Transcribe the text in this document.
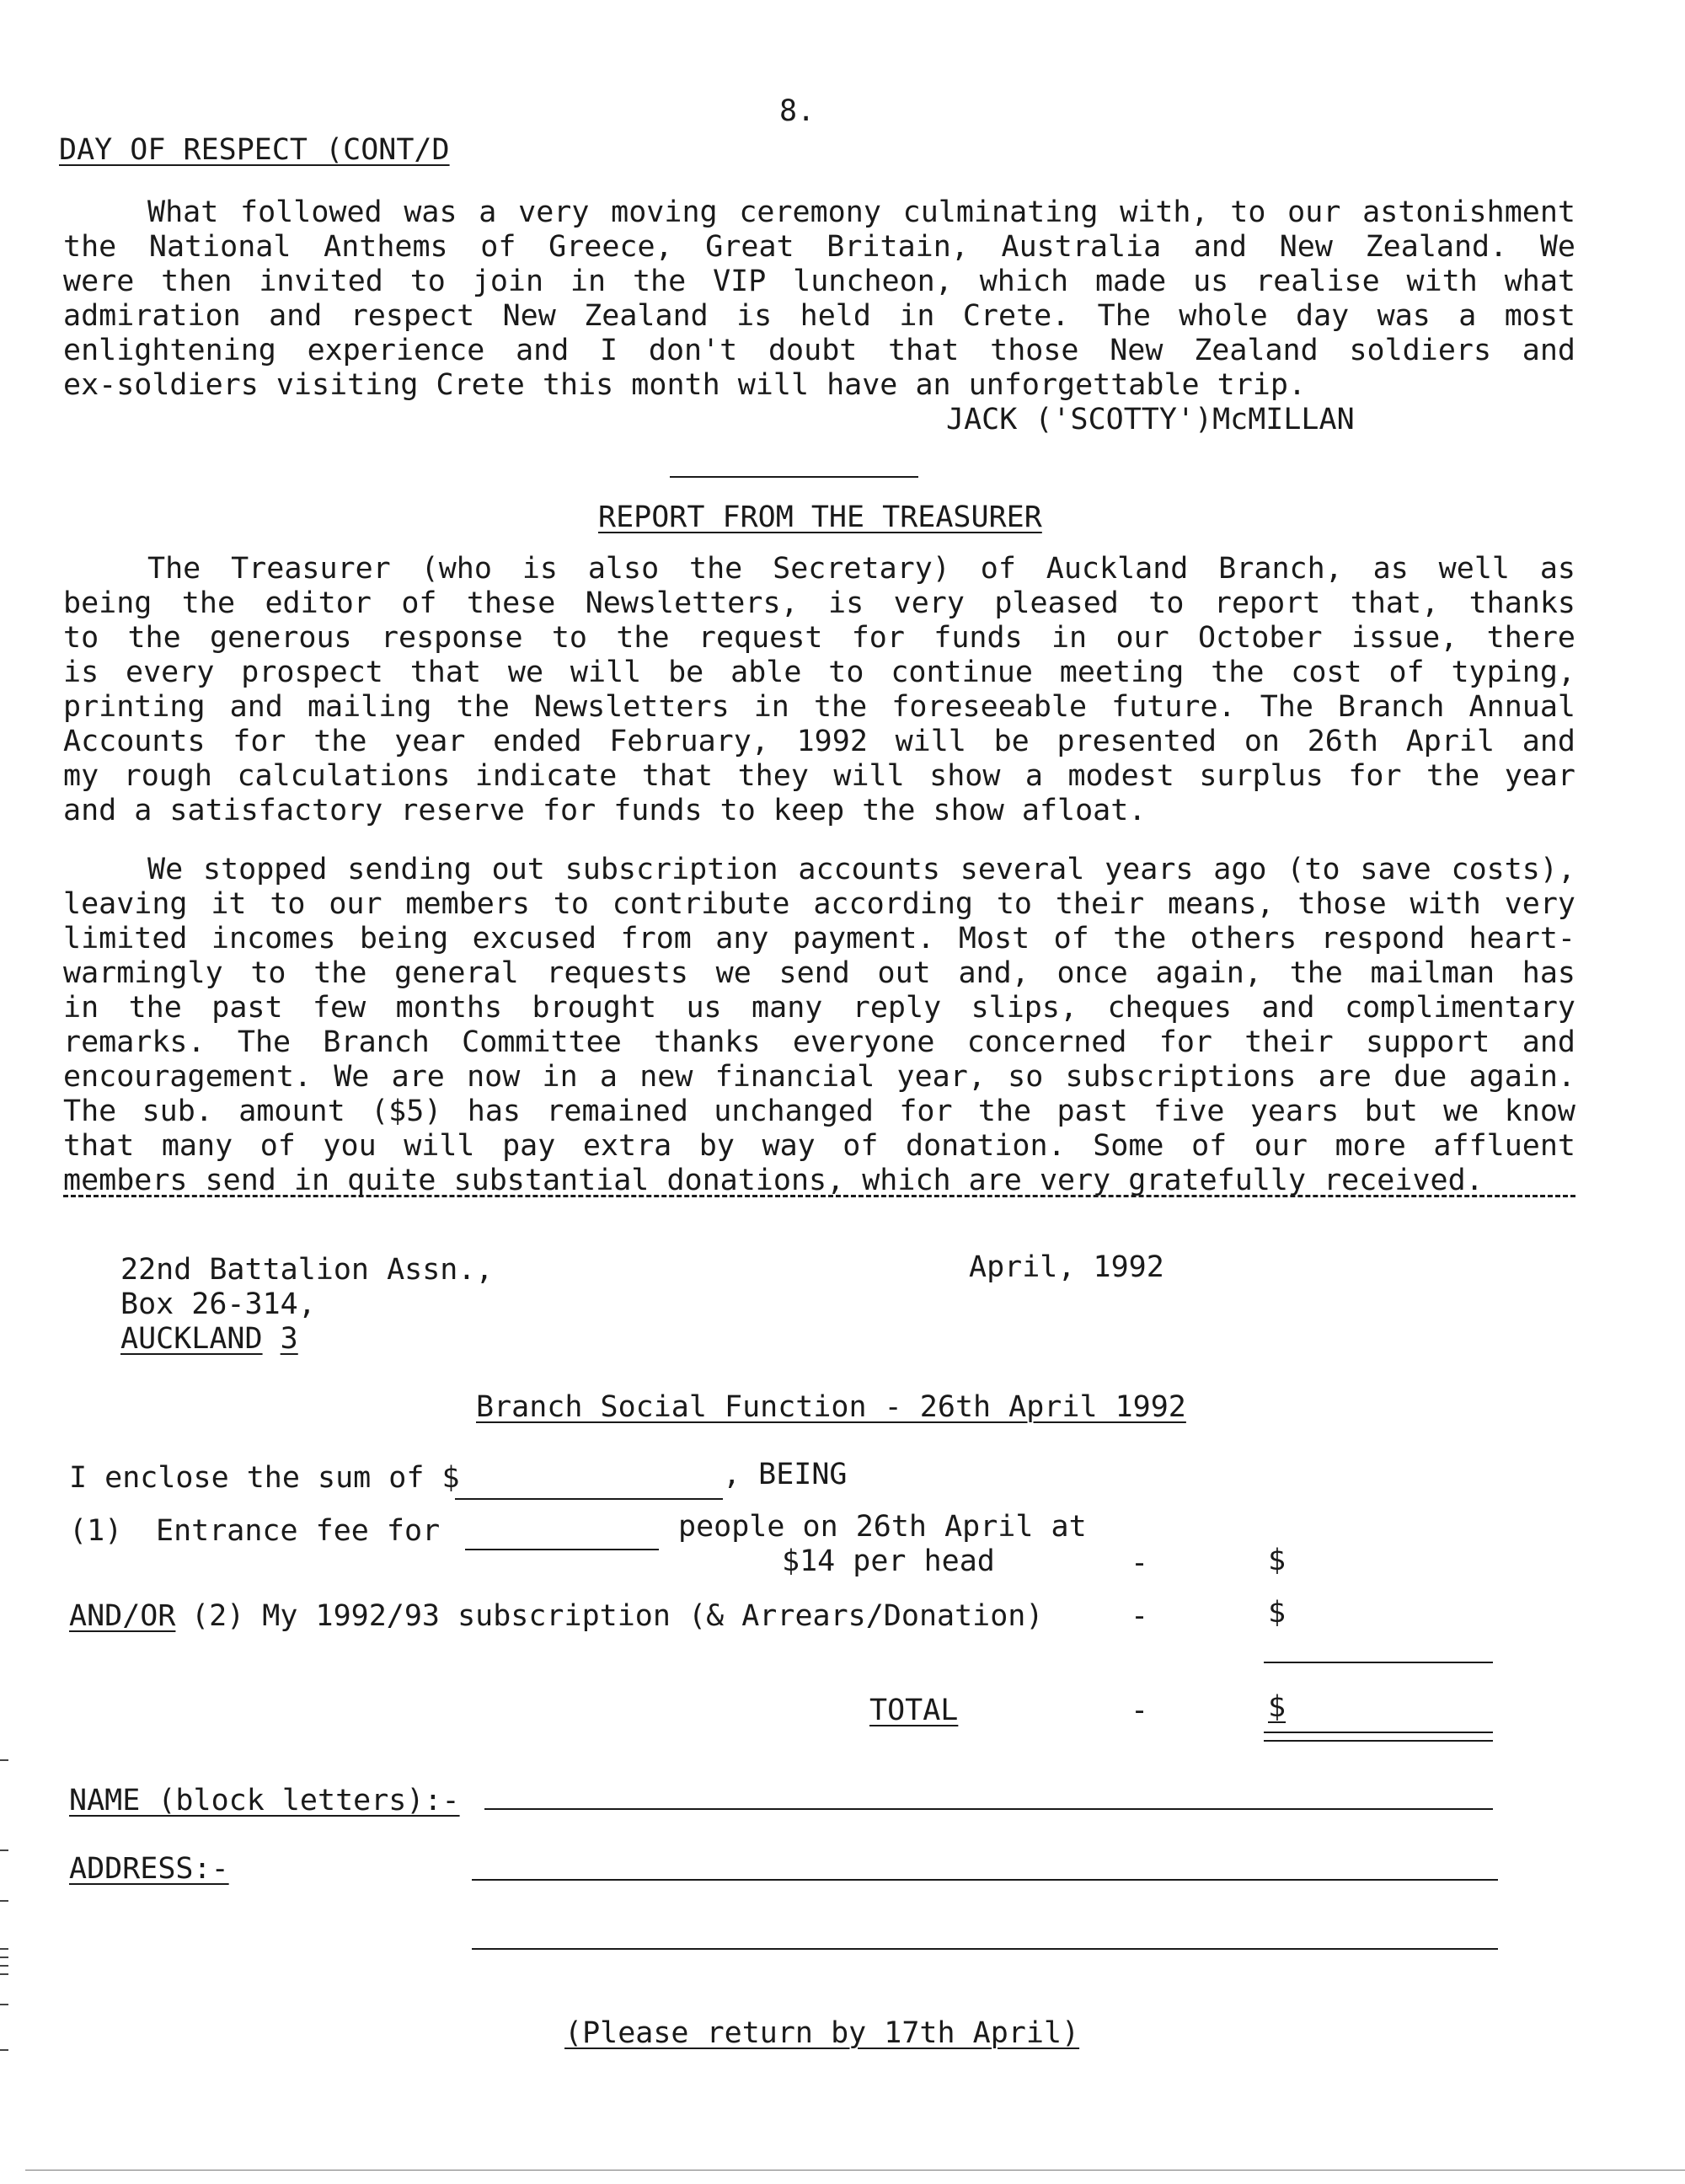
8.
DAY OF RESPECT (CONT/D
What followed was a very moving ceremony culminating with, to our astonishment
the National Anthems of Greece, Great Britain, Australia and New Zealand. We
were then invited to join in the VIP luncheon, which made us realise with what
admiration and respect New Zealand is held in Crete. The whole day was a most
enlightening experience and I don't doubt that those New Zealand soldiers and
ex-soldiers visiting Crete this month will have an unforgettable trip.
JACK ('SCOTTY')McMILLAN
REPORT FROM THE TREASURER
The Treasurer (who is also the Secretary) of Auckland Branch, as well as
being the editor of these Newsletters, is very pleased to report that, thanks
to the generous response to the request for funds in our October issue, there
is every prospect that we will be able to continue meeting the cost of typing,
printing and mailing the Newsletters in the foreseeable future. The Branch Annual
Accounts for the year ended February, 1992 will be presented on 26th April and
my rough calculations indicate that they will show a modest surplus for the year
and a satisfactory reserve for funds to keep the show afloat.
We stopped sending out subscription accounts several years ago (to save costs),
leaving it to our members to contribute according to their means, those with very
limited incomes being excused from any payment. Most of the others respond heart-
warmingly to the general requests we send out and, once again, the mailman has
in the past few months brought us many reply slips, cheques and complimentary
remarks. The Branch Committee thanks everyone concerned for their support and
encouragement. We are now in a new financial year, so subscriptions are due again.
The sub. amount ($5) has remained unchanged for the past five years but we know
that many of you will pay extra by way of donation. Some of our more affluent
members send in quite substantial donations, which are very gratefully received.
22nd Battalion Assn.,
Box 26-314,
AUCKLAND 3
April, 1992
Branch Social Function - 26th April 1992
I enclose the sum of $	, BEING
(1) Entrance fee for	people on 26th April at
$14 per head	-	$
AND/OR (2) My 1992/93 subscription (& Arrears/Donation)	-	$
TOTAL	-	$
NAME (block letters):-
ADDRESS:-
(Please return by 17th April)
